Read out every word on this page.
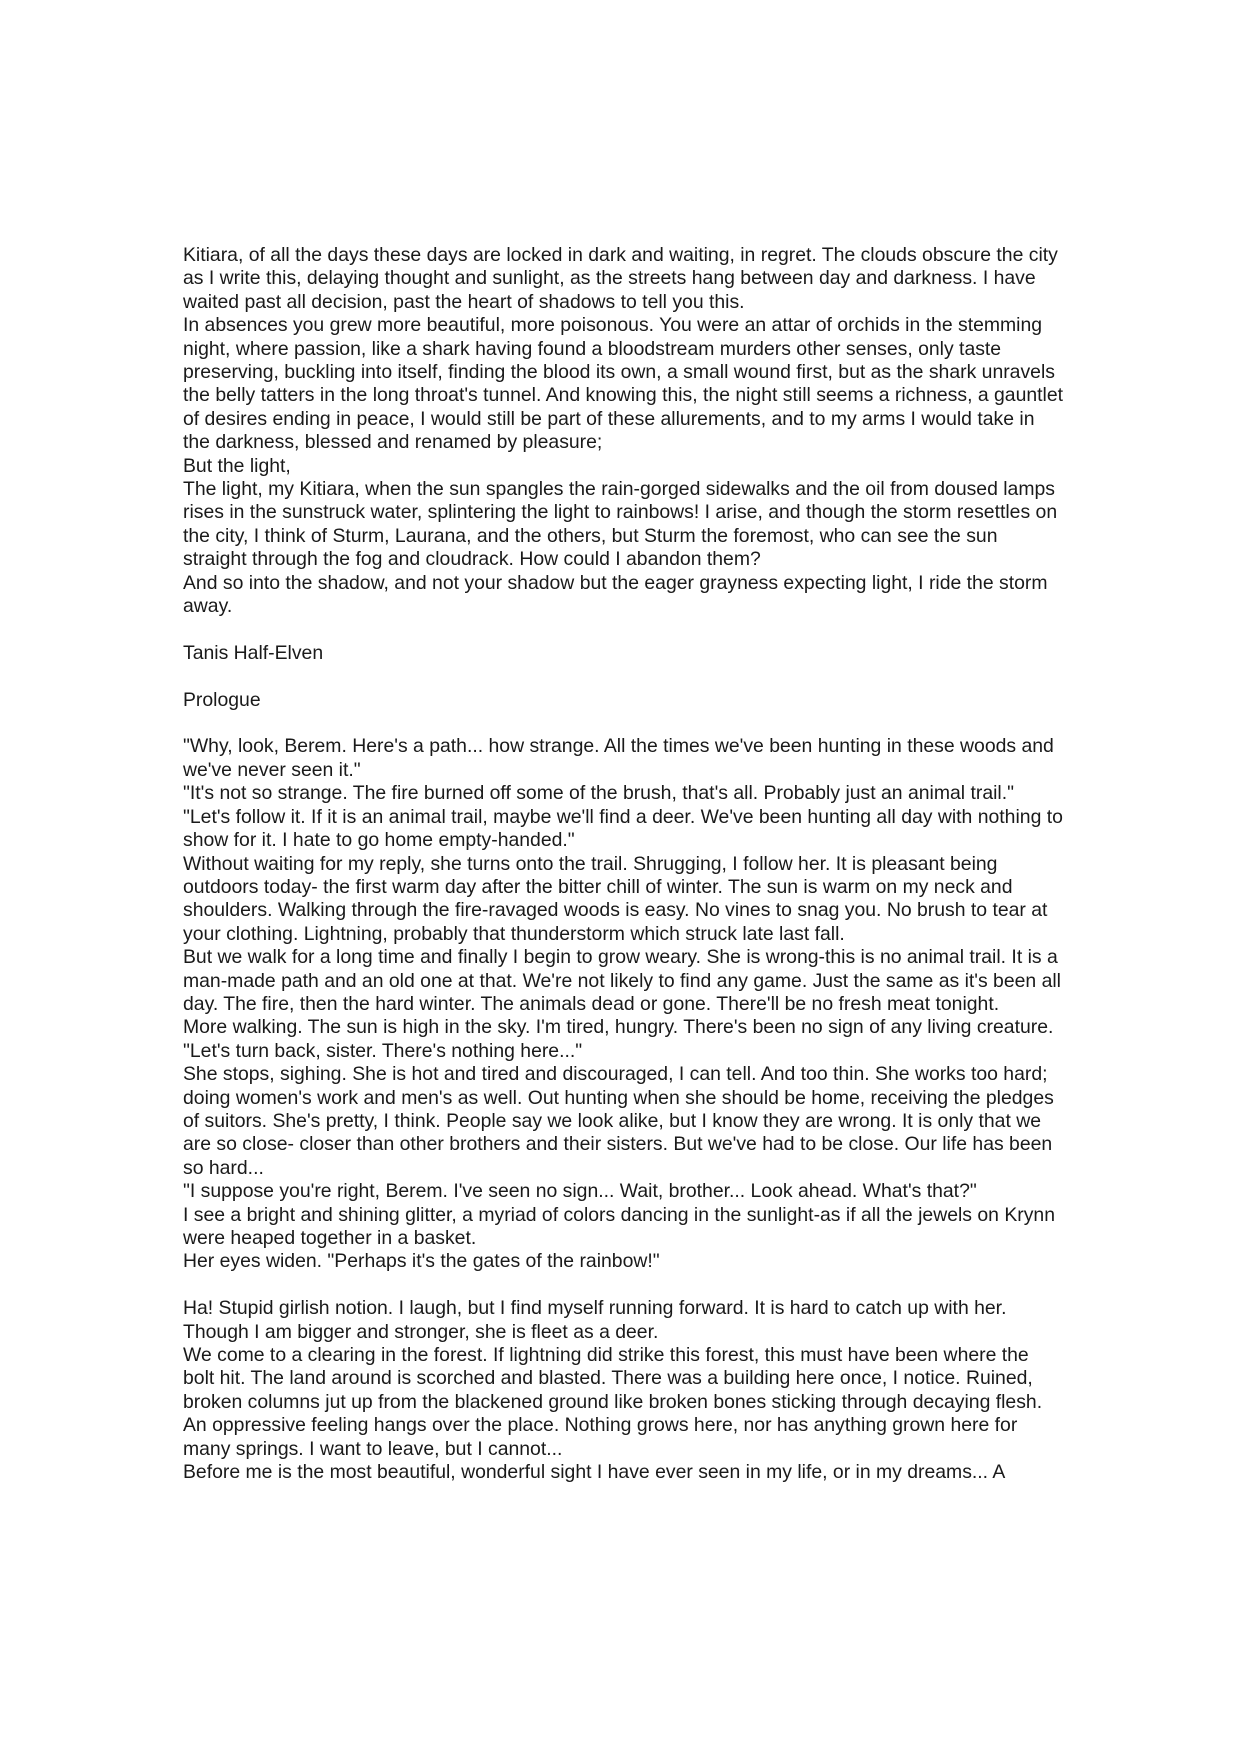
Kitiara, of all the days these days are locked in dark and waiting, in regret. The clouds obscure the city as I write this, delaying thought and sunlight, as the streets hang between day and darkness. I have waited past all decision, past the heart of shadows to tell you this.

In absences you grew more beautiful, more poisonous. You were an attar of orchids in the stemming night, where passion, like a shark having found a bloodstream murders other senses, only taste preserving, buckling into itself, finding the blood its own, a small wound first, but as the shark unravels the belly tatters in the long throat's tunnel. And knowing this, the night still seems a richness, a gauntlet of desires ending in peace, I would still be part of these allurements, and to my arms I would take in the darkness, blessed and renamed by pleasure;

But the light,

The light, my Kitiara, when the sun spangles the rain-gorged sidewalks and the oil from doused lamps rises in the sunstruck water, splintering the light to rainbows! I arise, and though the storm resettles on the city, I think of Sturm, Laurana, and the others, but Sturm the foremost, who can see the sun straight through the fog and cloudrack. How could I abandon them?

And so into the shadow, and not your shadow but the eager grayness expecting light, I ride the storm away.

Tanis Half-Elven

Prologue

"Why, look, Berem. Here's a path... how strange. All the times we've been hunting in these woods and we've never seen it."

"It's not so strange. The fire burned off some of the brush, that's all. Probably just an animal trail."

"Let's follow it. If it is an animal trail, maybe we'll find a deer. We've been hunting all day with nothing to show for it. I hate to go home empty-handed."

Without waiting for my reply, she turns onto the trail. Shrugging, I follow her. It is pleasant being outdoors today- the first warm day after the bitter chill of winter. The sun is warm on my neck and shoulders. Walking through the fire-ravaged woods is easy. No vines to snag you. No brush to tear at your clothing. Lightning, probably that thunderstorm which struck late last fall.

But we walk for a long time and finally I begin to grow weary. She is wrong-this is no animal trail. It is a man-made path and an old one at that. We're not likely to find any game. Just the same as it's been all day. The fire, then the hard winter. The animals dead or gone. There'll be no fresh meat tonight.

More walking. The sun is high in the sky. I'm tired, hungry. There's been no sign of any living creature.

"Let's turn back, sister. There's nothing here..."

She stops, sighing. She is hot and tired and discouraged, I can tell. And too thin. She works too hard; doing women's work and men's as well. Out hunting when she should be home, receiving the pledges of suitors. She's pretty, I think. People say we look alike, but I know they are wrong. It is only that we are so close- closer than other brothers and their sisters. But we've had to be close. Our life has been so hard...

"I suppose you're right, Berem. I've seen no sign... Wait, brother... Look ahead. What's that?"

I see a bright and shining glitter, a myriad of colors dancing in the sunlight-as if all the jewels on Krynn were heaped together in a basket.

Her eyes widen. "Perhaps it's the gates of the rainbow!"

Ha! Stupid girlish notion. I laugh, but I find myself running forward. It is hard to catch up with her. Though I am bigger and stronger, she is fleet as a deer.

We come to a clearing in the forest. If lightning did strike this forest, this must have been where the bolt hit. The land around is scorched and blasted. There was a building here once, I notice. Ruined, broken columns jut up from the blackened ground like broken bones sticking through decaying flesh. An oppressive feeling hangs over the place. Nothing grows here, nor has anything grown here for many springs. I want to leave, but I cannot...

Before me is the most beautiful, wonderful sight I have ever seen in my life, or in my dreams... A
